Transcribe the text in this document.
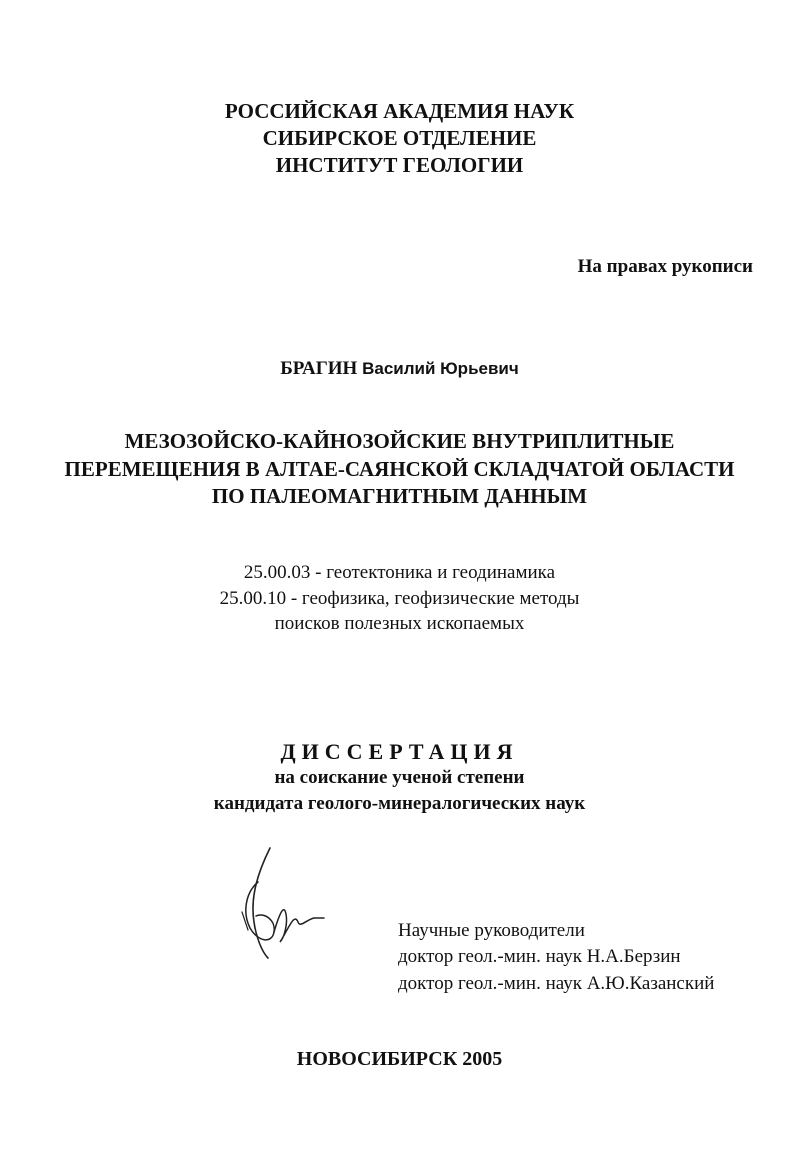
РОССИЙСКАЯ АКАДЕМИЯ НАУК
СИБИРСКОЕ ОТДЕЛЕНИЕ
ИНСТИТУТ ГЕОЛОГИИ
На правах рукописи
БРАГИН Василий Юрьевич
МЕЗОЗОЙСКО-КАЙНОЗОЙСКИЕ ВНУТРИПЛИТНЫЕ
ПЕРЕМЕЩЕНИЯ В АЛТАЕ-САЯНСКОЙ СКЛАДЧАТОЙ ОБЛАСТИ
ПО ПАЛЕОМАГНИТНЫМ ДАННЫМ
25.00.03 - геотектоника и геодинамика
25.00.10 - геофизика, геофизические методы
поисков полезных ископаемых
ДИССЕРТАЦИЯ
на соискание ученой степени
кандидата геолого-минералогических наук
Научные руководители
доктор геол.-мин. наук Н.А.Берзин
доктор геол.-мин. наук А.Ю.Казанский
НОВОСИБИРСК 2005
